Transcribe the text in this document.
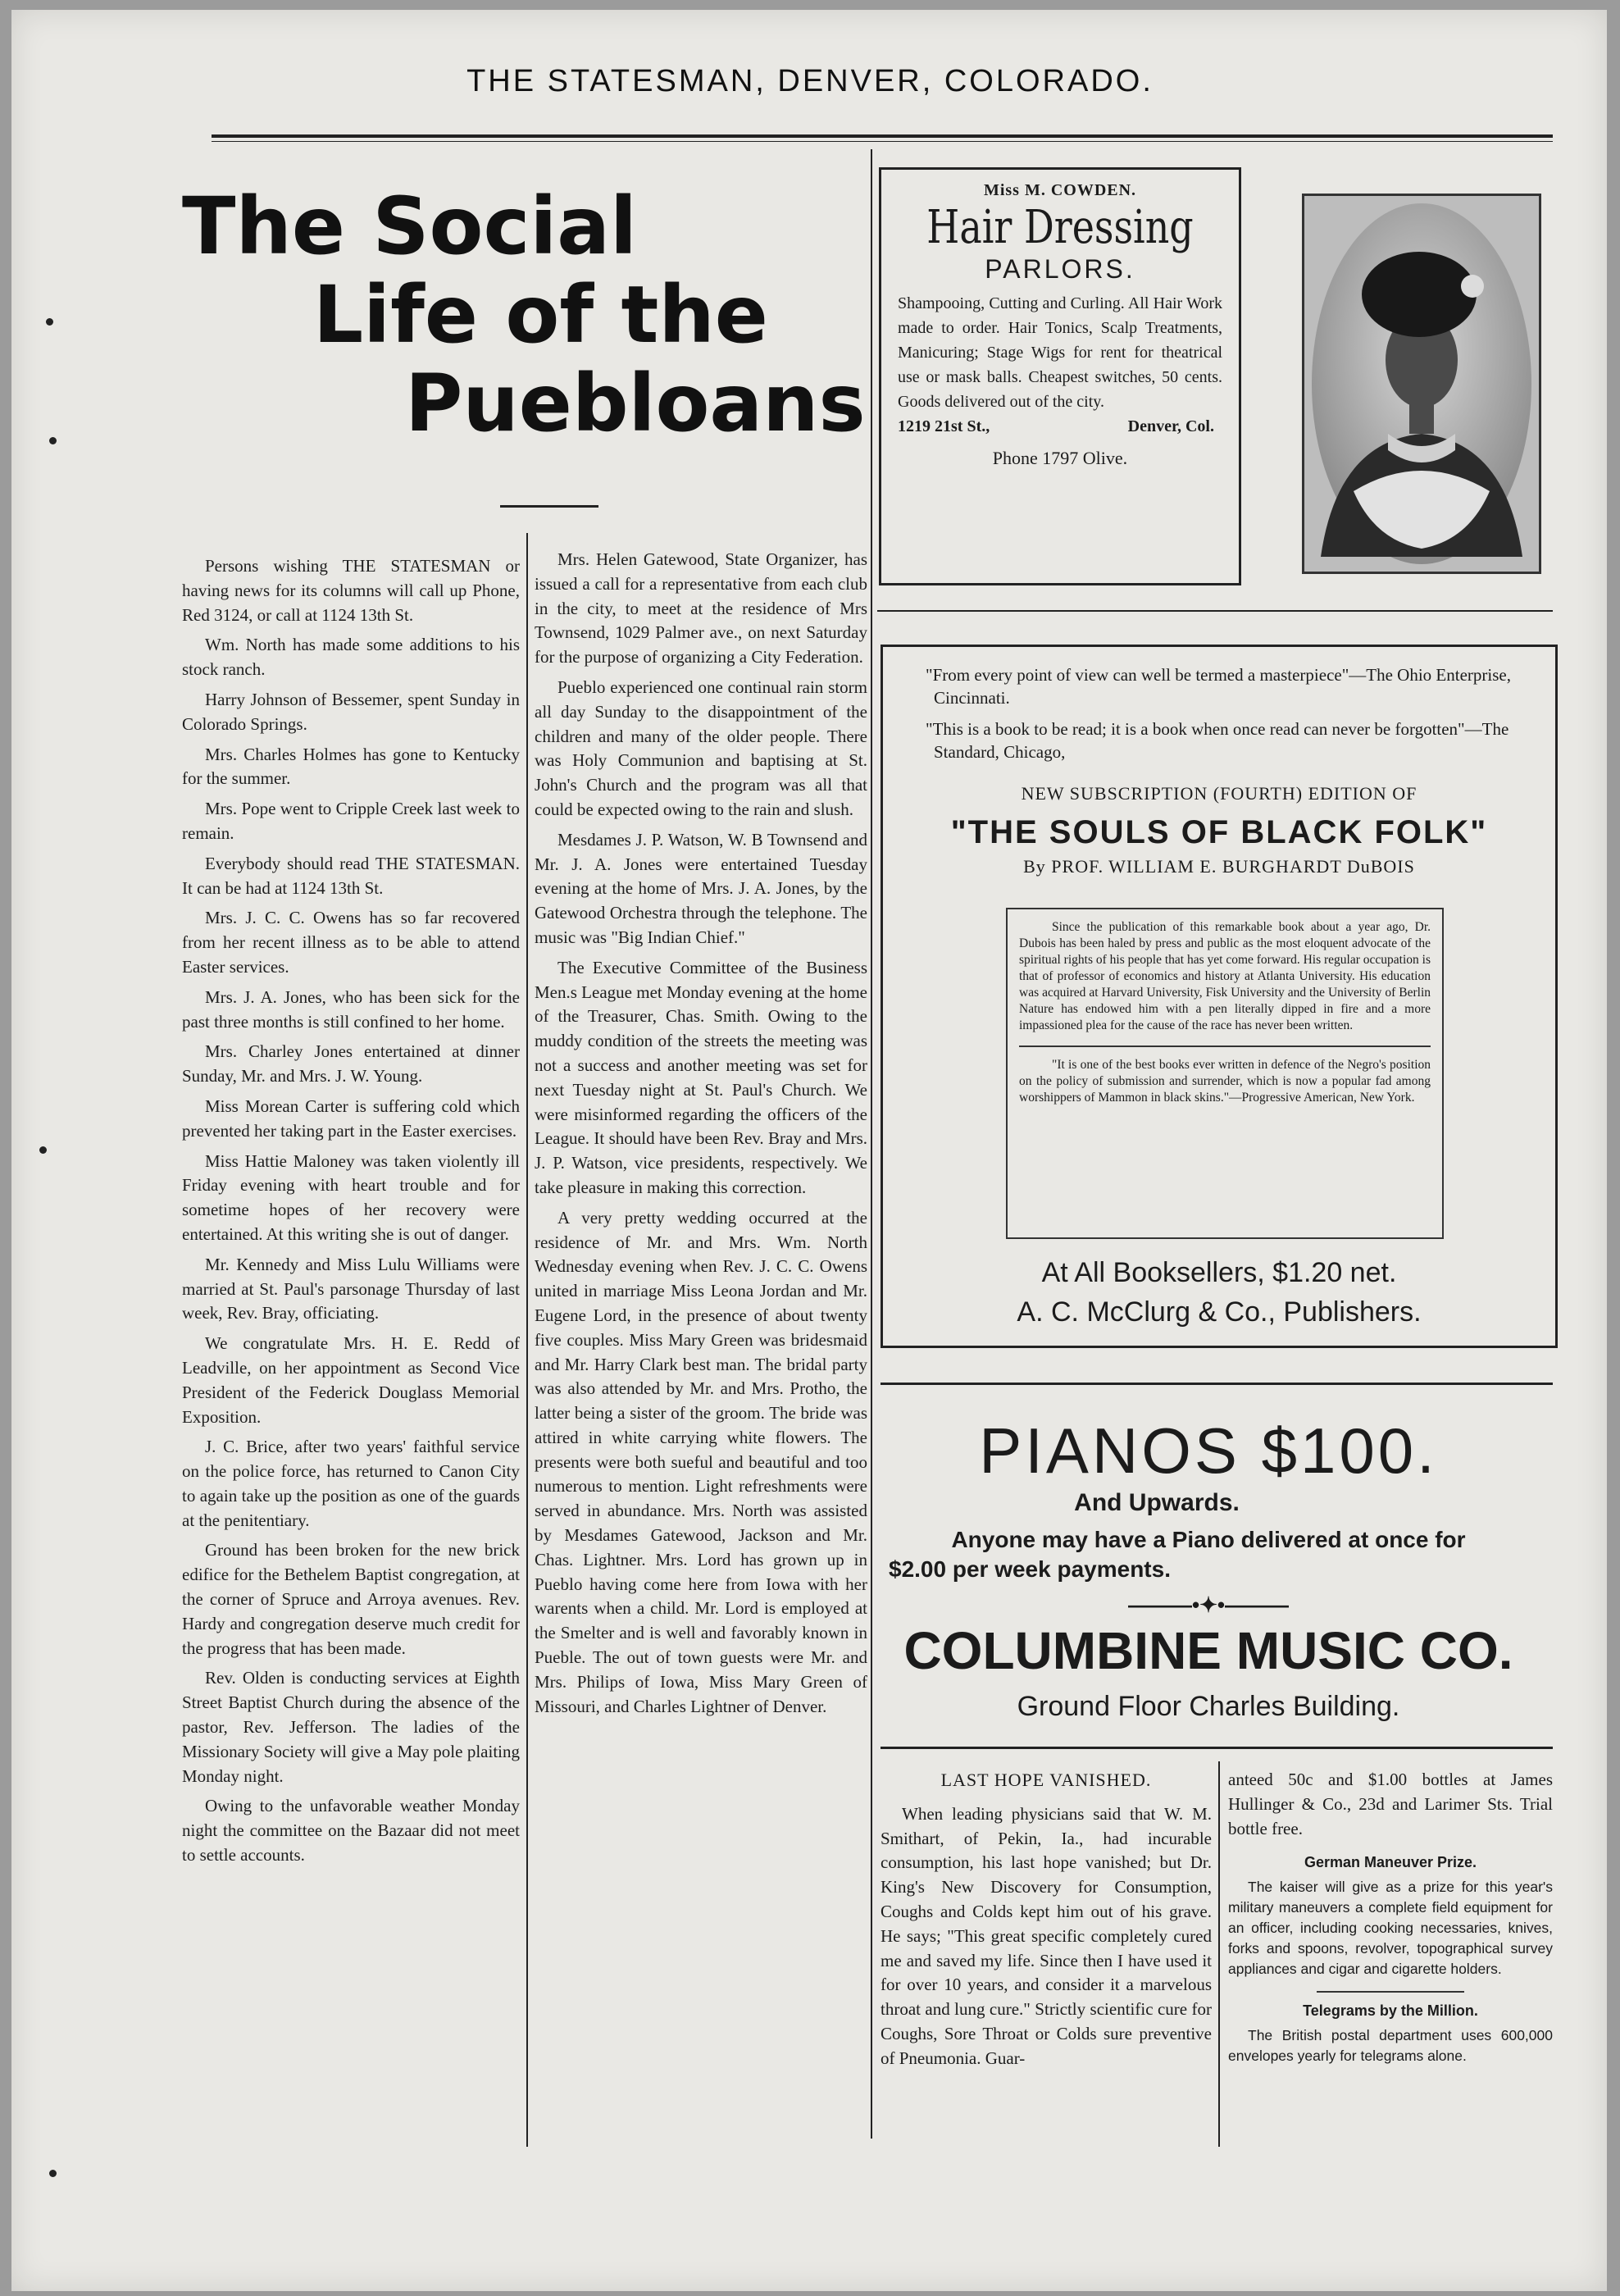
THE STATESMAN, DENVER, COLORADO.
The Social
Life of the
Puebloans

Persons wishing THE STATESMAN or having news for its columns will call up Phone, Red 3124, or call at 1124 13th St.

Wm. North has made some additions to his stock ranch.

Harry Johnson of Bessemer, spent Sunday in Colorado Springs.

Mrs. Charles Holmes has gone to Kentucky for the summer.

Mrs. Pope went to Cripple Creek last week to remain.

Everybody should read THE STATESMAN. It can be had at 1124 13th St.

Mrs. J. C. C. Owens has so far recovered from her recent illness as to be able to attend Easter services.

Mrs. J. A. Jones, who has been sick for the past three months is still confined to her home.

Mrs. Charley Jones entertained at dinner Sunday, Mr. and Mrs. J. W. Young.

Miss Morean Carter is suffering cold which prevented her taking part in the Easter exercises.

Miss Hattie Maloney was taken violently ill Friday evening with heart trouble and for sometime hopes of her recovery were entertained. At this writing she is out of danger.

Mr. Kennedy and Miss Lulu Williams were married at St. Paul's parsonage Thursday of last week, Rev. Bray, officiating.

We congratulate Mrs. H. E. Redd of Leadville, on her appointment as Second Vice President of the Federick Douglass Memorial Exposition.

J. C. Brice, after two years' faithful service on the police force, has returned to Canon City to again take up the position as one of the guards at the penitentiary.

Ground has been broken for the new brick edifice for the Bethelem Baptist congregation, at the corner of Spruce and Arroya avenues. Rev. Hardy and congregation deserve much credit for the progress that has been made.

Rev. Olden is conducting services at Eighth Street Baptist Church during the absence of the pastor, Rev. Jefferson. The ladies of the Missionary Society will give a May pole plaiting Monday night.

Owing to the unfavorable weather Monday night the committee on the Bazaar did not meet to settle accounts.

Mrs. Helen Gatewood, State Organizer, has issued a call for a representative from each club in the city, to meet at the residence of Mrs Townsend, 1029 Palmer ave., on next Saturday for the purpose of organizing a City Federation.

Pueblo experienced one continual rain storm all day Sunday to the disappointment of the children and many of the older people. There was Holy Communion and baptising at St. John's Church and the program was all that could be expected owing to the rain and slush.

Mesdames J. P. Watson, W. B Townsend and Mr. J. A. Jones were entertained Tuesday evening at the home of Mrs. J. A. Jones, by the Gatewood Orchestra through the telephone. The music was "Big Indian Chief."

The Executive Committee of the Business Men.s League met Monday evening at the home of the Treasurer, Chas. Smith. Owing to the muddy condition of the streets the meeting was not a success and another meeting was set for next Tuesday night at St. Paul's Church. We were misinformed regarding the officers of the League. It should have been Rev. Bray and Mrs. J. P. Watson, vice presidents, respectively. We take pleasure in making this correction.

A very pretty wedding occurred at the residence of Mr. and Mrs. Wm. North Wednesday evening when Rev. J. C. C. Owens united in marriage Miss Leona Jordan and Mr. Eugene Lord, in the presence of about twenty five couples. Miss Mary Green was bridesmaid and Mr. Harry Clark best man. The bridal party was also attended by Mr. and Mrs. Protho, the latter being a sister of the groom. The bride was attired in white carrying white flowers. The presents were both sueful and beautiful and too numerous to mention. Light refreshments were served in abundance. Mrs. North was assisted by Mesdames Gatewood, Jackson and Mr. Chas. Lightner. Mrs. Lord has grown up in Pueblo having come here from Iowa with her warents when a child. Mr. Lord is employed at the Smelter and is well and favorably known in Pueble. The out of town guests were Mr. and Mrs. Philips of Iowa, Miss Mary Green of Missouri, and Charles Lightner of Denver.

Miss M. COWDEN.
Hair Dressing
PARLORS.
Shampooing, Cutting and Curling. All Hair Work made to order. Hair Tonics, Scalp Treatments, Manicuring; Stage Wigs for rent for theatrical use or mask balls. Cheapest switches, 50 cents. Goods delivered out of the city.
1219 21st St.,	Denver, Col.
Phone 1797 Olive.

"From every point of view can well be termed a masterpiece"—The Ohio Enterprise, Cincinnati.

"This is a book to be read; it is a book when once read can never be forgotten"—The Standard, Chicago,

NEW SUBSCRIPTION (FOURTH) EDITION OF
"THE SOULS OF BLACK FOLK"
By PROF. WILLIAM E. BURGHARDT DuBOIS

Since the publication of this remarkable book about a year ago, Dr. Dubois has been haled by press and public as the most eloquent advocate of the spiritual rights of his people that has yet come forward. His regular occupation is that of professor of economics and history at Atlanta University. His education was acquired at Harvard University, Fisk University and the University of Berlin Nature has endowed him with a pen literally dipped in fire and a more impassioned plea for the cause of the race has never been written.

"It is one of the best books ever written in defence of the Negro's position on the policy of submission and surrender, which is now a popular fad among worshippers of Mammon in black skins."—Progressive American, New York.

At All Booksellers, $1.20 net.
A. C. McClurg & Co., Publishers.
PIANOS $100.
And Upwards.
Anyone may have a Piano delivered at once for
$2.00 per week payments.
———•✦•———
COLUMBINE MUSIC CO.
Ground Floor Charles Building.
LAST HOPE VANISHED.

When leading physicians said that W. M. Smithart, of Pekin, Ia., had incurable consumption, his last hope vanished; but Dr. King's New Discovery for Consumption, Coughs and Colds kept him out of his grave. He says; "This great specific completely cured me and saved my life. Since then I have used it for over 10 years, and consider it a marvelous throat and lung cure." Strictly scientific cure for Coughs, Sore Throat or Colds sure preventive of Pneumonia. Guar-

anteed 50c and $1.00 bottles at James Hullinger & Co., 23d and Larimer Sts. Trial bottle free.
German Maneuver Prize.
The kaiser will give as a prize for this year's military maneuvers a complete field equipment for an officer, including cooking necessaries, knives, forks and spoons, revolver, topographical survey appliances and cigar and cigarette holders.
Telegrams by the Million.
The British postal department uses 600,000 envelopes yearly for telegrams alone.
